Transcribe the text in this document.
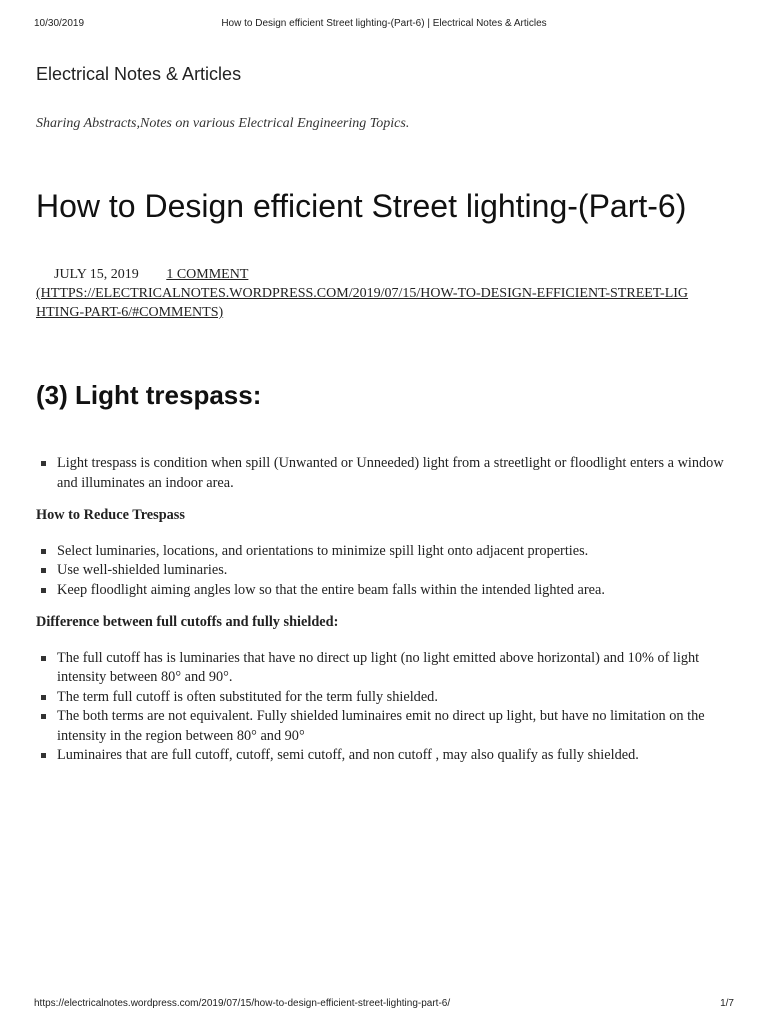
10/30/2019	How to Design efficient Street lighting-(Part-6) | Electrical Notes & Articles
Electrical Notes & Articles
Sharing Abstracts,Notes on various Electrical Engineering Topics.
How to Design efficient Street lighting-(Part-6)
JULY 15, 2019 1 COMMENT
(HTTPS://ELECTRICALNOTES.WORDPRESS.COM/2019/07/15/HOW-TO-DESIGN-EFFICIENT-STREET-LIGHTING-PART-6/#COMMENTS)
(3) Light trespass:
Light trespass is condition when spill (Unwanted or Unneeded) light from a streetlight or floodlight enters a window and illuminates an indoor area.

How to Reduce Trespass

Select luminaries, locations, and orientations to minimize spill light onto adjacent properties.
Use well-shielded luminaries.
Keep floodlight aiming angles low so that the entire beam falls within the intended lighted area.

Difference between full cutoffs and fully shielded:

The full cutoff has is luminaries that have no direct up light (no light emitted above horizontal) and 10% of light intensity between 80° and 90°.
The term full cutoff is often substituted for the term fully shielded.
The both terms are not equivalent. Fully shielded luminaires emit no direct up light, but have no limitation on the intensity in the region between 80° and 90°
Luminaires that are full cutoff, cutoff, semi cutoff, and non cutoff , may also qualify as fully shielded.
https://electricalnotes.wordpress.com/2019/07/15/how-to-design-efficient-street-lighting-part-6/	1/7
